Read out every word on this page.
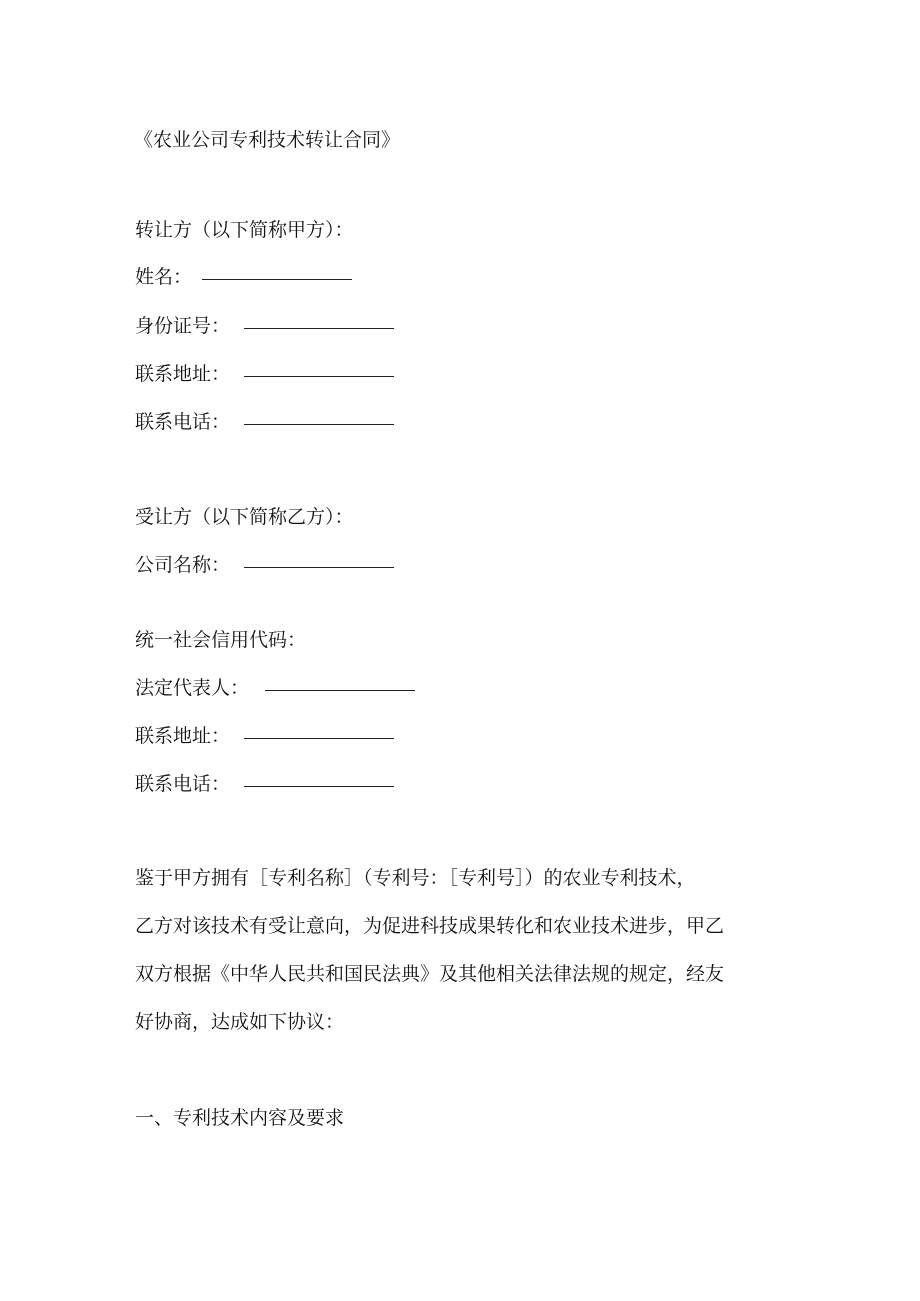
《农业公司专利技术转让合同》
转让方（以下简称甲方）：
姓名：
身份证号：
联系地址：
联系电话：
受让方（以下简称乙方）：
公司名称：
统一社会信用代码：
法定代表人：
联系地址：
联系电话：
鉴于甲方拥有［专利名称］（专利号：［专利号］）的农业专利技术，
乙方对该技术有受让意向，为促进科技成果转化和农业技术进步，甲乙
双方根据《中华人民共和国民法典》及其他相关法律法规的规定，经友
好协商，达成如下协议：
一、专利技术内容及要求
